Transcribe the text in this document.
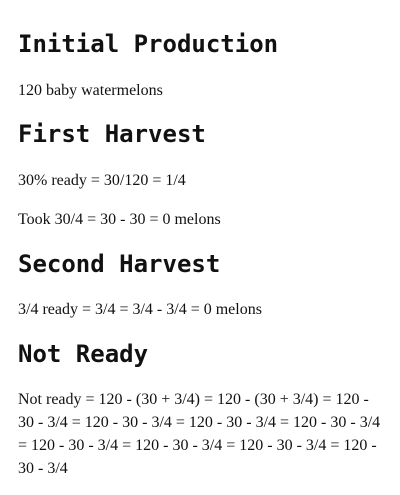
Initial Production

120 baby watermelons

First Harvest

30% ready = 30/120 = 1/4

Took 30/4 = 30 - 30 = 0 melons

Second Harvest

3/4 ready = 3/4 = 3/4 - 3/4 = 0 melons

Not Ready

Not ready = 120 - (30 + 3/4) = 120 - (30 + 3/4) = 120 - 30 - 3/4 = 120 - 30 - 3/4 = 120 - 30 - 3/4 = 120 - 30 - 3/4 = 120 - 30 - 3/4 = 120 - 30 - 3/4 = 120 - 30 - 3/4 = 120 - 30 - 3/4
